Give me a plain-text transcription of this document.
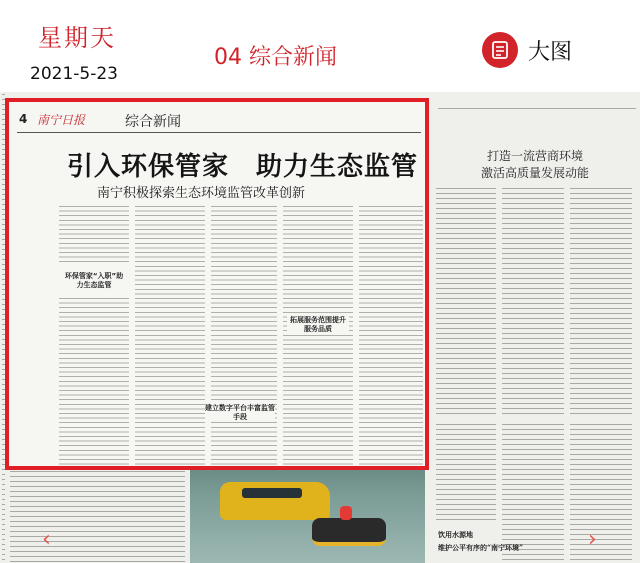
星期天
2021-5-23
04 综合新闻	大图
打造一流营商环境
激活高质量发展动能
饮用水源地
维护公平有序的“南宁环境”
‹	›
4 南宁日报	综合新闻
引入环保管家　助力生态监管
南宁积极探索生态环境监管改革创新
环保管家“入职”助力生态监管
拓展服务范围提升服务品质
建立数字平台丰富监管手段
